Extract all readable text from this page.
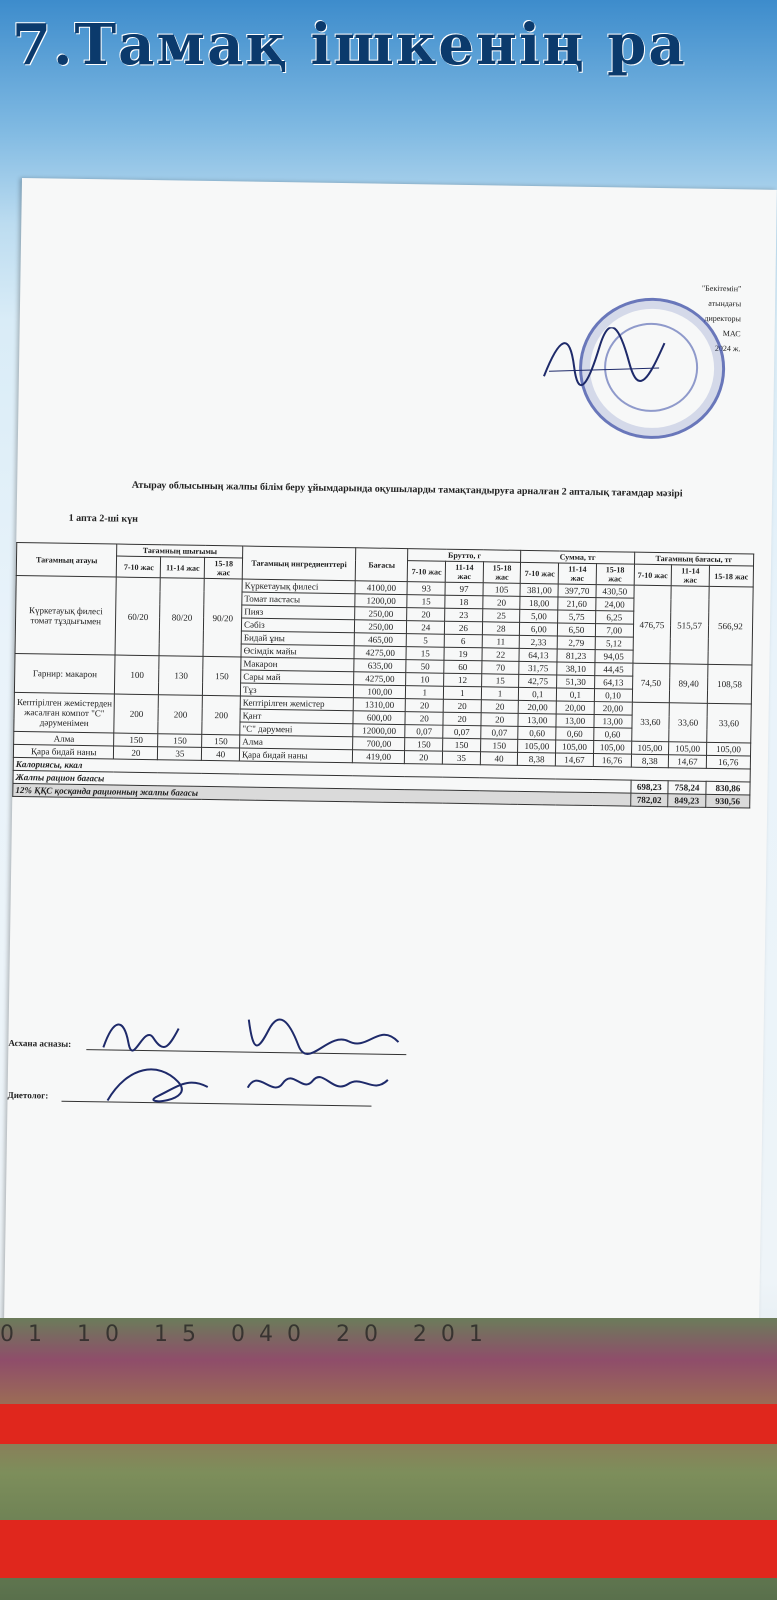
7.Тамақ ішкенің ра
"Бекітемін"
атындағы
директоры
МАС
2024 ж.
Атырау облысының жалпы білім беру ұйымдарында оқушыларды тамақтандыруға арналған 2 апталық тағамдар мәзірі
1 апта 2-ші күн
Тағамның атауы	Тағамның шығымы			Тағамның ингредиенттері	Бағасы	Брутто, г			Сумма, тг			Тағамның бағасы, тг		
	7-10 жас	11-14 жас	15-18 жас			7-10 жас	11-14 жас	15-18 жас	7-10 жас	11-14 жас	15-18 жас	7-10 жас	11-14 жас	15-18 жас
Күркетауық филесі томат тұздығымен	60/20	80/20	90/20	Күркетауық филесі	4100,00	93	97	105	381,00	397,70	430,50	476,75	515,57	566,92
				Томат пастасы	1200,00	15	18	20	18,00	21,60	24,00			
				Пияз	250,00	20	23	25	5,00	5,75	6,25			
				Сәбіз	250,00	24	26	28	6,00	6,50	7,00			
				Бидай ұны	465,00	5	6	11	2,33	2,79	5,12			
				Өсімдік майы	4275,00	15	19	22	64,13	81,23	94,05			
Гарнир: макарон	100	130	150	Макарон	635,00	50	60	70	31,75	38,10	44,45	74,50	89,40	108,58
				Сары май	4275,00	10	12	15	42,75	51,30	64,13			
				Тұз	100,00	1	1	1	0,1	0,1	0,10			
Кептірілген жемістерден жасалған компот "С" дәруменімен	200	200	200	Кептірілген жемістер	1310,00	20	20	20	20,00	20,00	20,00	33,60	33,60	33,60
				Қант	600,00	20	20	20	13,00	13,00	13,00			
				"С" дәрумені	12000,00	0,07	0,07	0,07	0,60	0,60	0,60			
Алма	150	150	150	Алма	700,00	150	150	150	105,00	105,00	105,00	105,00	105,00	105,00
Қара бидай наны	20	35	40	Қара бидай наны	419,00	20	35	40	8,38	14,67	16,76	8,38	14,67	16,76
Калориясы, ккал														
Жалпы рацион бағасы												698,23	758,24	830,86
12% ҚҚС қосқанда рационның жалпы бағасы												782,02	849,23	930,56
Асхана асназы:
Диетолог:
01 10 15 040 20 201
